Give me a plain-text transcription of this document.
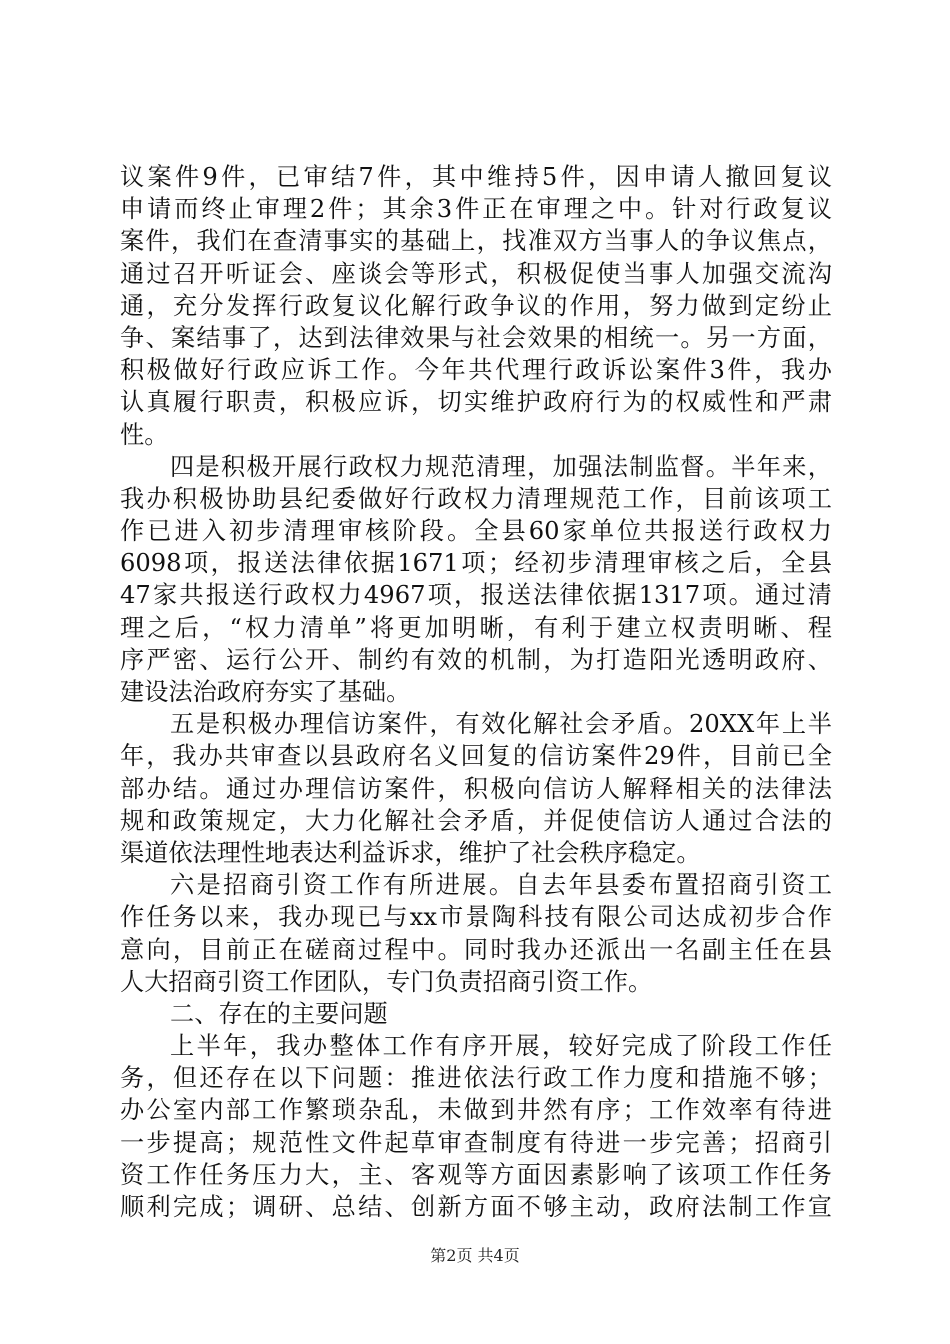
议案件9件，已审结7件，其中维持5件，因申请人撤回复议
申请而终止审理2件；其余3件正在审理之中。针对行政复议
案件，我们在查清事实的基础上，找准双方当事人的争议焦点，
通过召开听证会、座谈会等形式，积极促使当事人加强交流沟
通，充分发挥行政复议化解行政争议的作用，努力做到定纷止
争、案结事了，达到法律效果与社会效果的相统一。另一方面，
积极做好行政应诉工作。今年共代理行政诉讼案件3件，我办
认真履行职责，积极应诉，切实维护政府行为的权威性和严肃
性。
四是积极开展行政权力规范清理，加强法制监督。半年来，
我办积极协助县纪委做好行政权力清理规范工作，目前该项工
作已进入初步清理审核阶段。全县60家单位共报送行政权力
6098项，报送法律依据1671项；经初步清理审核之后，全县
47家共报送行政权力4967项，报送法律依据1317项。通过清
理之后，“权力清单”将更加明晰，有利于建立权责明晰、程
序严密、运行公开、制约有效的机制，为打造阳光透明政府、
建设法治政府夯实了基础。
五是积极办理信访案件，有效化解社会矛盾。20XX年上半
年，我办共审查以县政府名义回复的信访案件29件，目前已全
部办结。通过办理信访案件，积极向信访人解释相关的法律法
规和政策规定，大力化解社会矛盾，并促使信访人通过合法的
渠道依法理性地表达利益诉求，维护了社会秩序稳定。
六是招商引资工作有所进展。自去年县委布置招商引资工
作任务以来，我办现已与xx市景陶科技有限公司达成初步合作
意向，目前正在磋商过程中。同时我办还派出一名副主任在县
人大招商引资工作团队，专门负责招商引资工作。
二、存在的主要问题
上半年，我办整体工作有序开展，较好完成了阶段工作任
务，但还存在以下问题：推进依法行政工作力度和措施不够；
办公室内部工作繁琐杂乱，未做到井然有序；工作效率有待进
一步提高；规范性文件起草审查制度有待进一步完善；招商引
资工作任务压力大，主、客观等方面因素影响了该项工作任务
顺利完成；调研、总结、创新方面不够主动，政府法制工作宣
第2页 共4页
